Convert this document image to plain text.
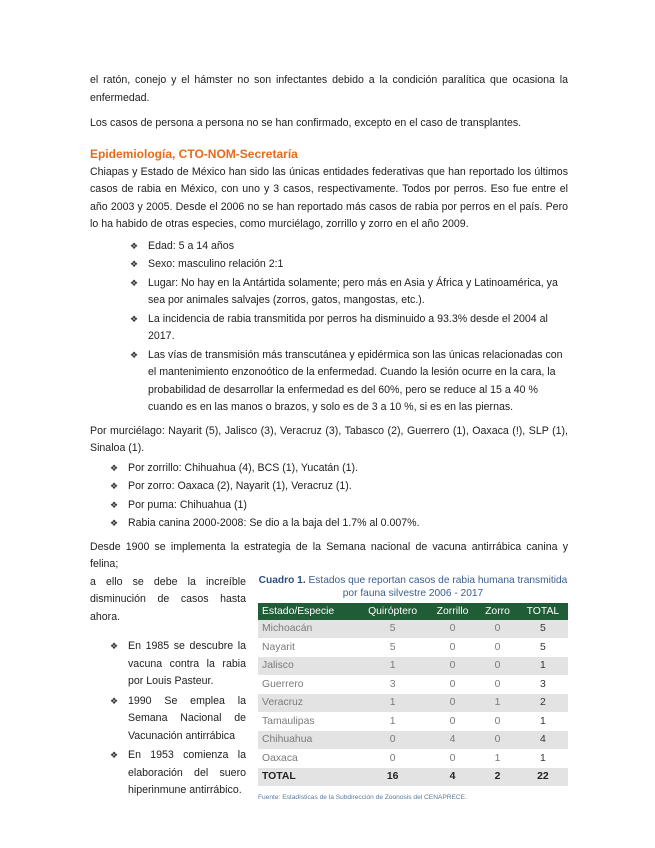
el ratón, conejo y el hámster no son infectantes debido a la condición paralítica que ocasiona la enfermedad.

Los casos de persona a persona no se han confirmado, excepto en el caso de transplantes.

Epidemiología, CTO-NOM-Secretaría

Chiapas y Estado de México han sido las únicas entidades federativas que han reportado los últimos casos de rabia en México, con uno y 3 casos, respectivamente. Todos por perros. Eso fue entre el año 2003 y 2005. Desde el 2006 no se han reportado más casos de rabia por perros en el país. Pero lo ha habido de otras especies, como murciélago, zorrillo y zorro en el año 2009.

❖ Edad: 5 a 14 años
❖ Sexo: masculino relación 2:1
❖ Lugar: No hay en la Antártida solamente; pero más en Asia y África y Latinoamérica, ya sea por animales salvajes (zorros, gatos, mangostas, etc.).
❖ La incidencia de rabia transmitida por perros ha disminuido a 93.3% desde el 2004 al 2017.
❖ Las vías de transmisión más transcutánea y epidérmica son las únicas relacionadas con el mantenimiento enzonoótico de la enfermedad. Cuando la lesión ocurre en la cara, la probabilidad de desarrollar la enfermedad es del 60%, pero se reduce al 15 a 40 % cuando es en las manos o brazos, y solo es de 3 a 10 %, si es en las piernas.

Por murciélago: Nayarit (5), Jalisco (3), Veracruz (3), Tabasco (2), Guerrero (1), Oaxaca (!), SLP (1), Sinaloa (1).

❖ Por zorrillo: Chihuahua (4), BCS (1), Yucatán (1).
❖ Por zorro: Oaxaca (2), Nayarit (1), Veracruz (1).
❖ Por puma: Chihuahua (1)
❖ Rabia canina 2000-2008: Se dio a la baja del 1.7% al 0.007%.

Desde 1900 se implementa la estrategia de la Semana nacional de vacuna antirrábica canina y felina;

a ello se debe la increíble disminución de casos hasta ahora.

❖ En 1985 se descubre la vacuna contra la rabia por Louis Pasteur.
❖ 1990 Se emplea la Semana Nacional de Vacunación antirrábica
❖ En 1953 comienza la elaboración del suero hiperinmune antirrábico.
Cuadro 1. Estados que reportan casos de rabia humana transmitida por fauna silvestre 2006 - 2017
Estado/Especie	Quiróptero	Zorrillo	Zorro	TOTAL
Michoacán	5	0	0	5
Nayarit	5	0	0	5
Jalisco	1	0	0	1
Guerrero	3	0	0	3
Veracruz	1	0	1	2
Tamaulipas	1	0	0	1
Chihuahua	0	4	0	4
Oaxaca	0	0	1	1
TOTAL	16	4	2	22
Fuente: Estadísticas de la Subdirección de Zoonosis del CENAPRECE.
